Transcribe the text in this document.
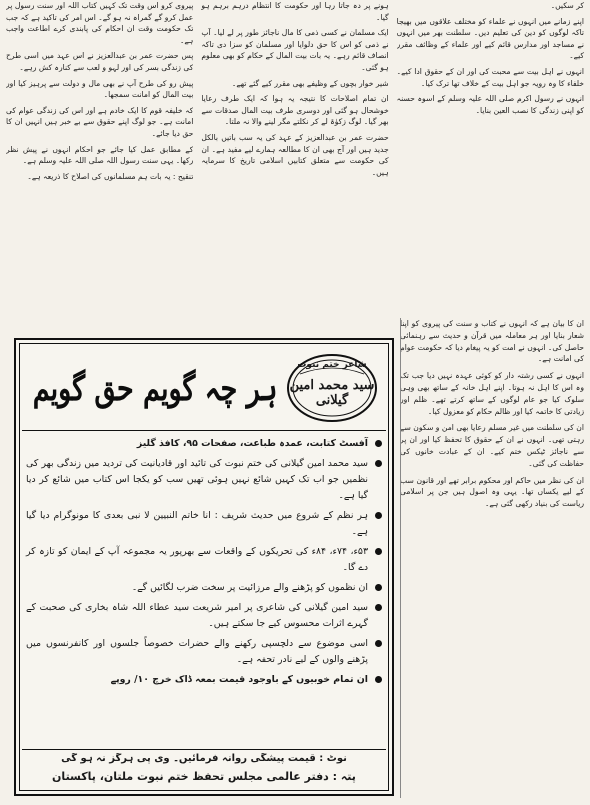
کر سکیں۔

اپنے زمانے میں انہوں نے علماء کو مختلف علاقوں میں بھیجا تاکہ لوگوں کو دین کی تعلیم دیں۔ سلطنت بھر میں انہوں نے مساجد اور مدارس قائم کیے اور علماء کے وظائف مقرر کیے۔

انہوں نے اہل بیت سے محبت کی اور ان کے حقوق ادا کیے۔ خلفاء کا وہ رویہ جو اہل بیت کے خلاف تھا ترک کیا۔

انہوں نے رسول اکرم صلی اللہ علیہ وسلم کے اسوہ حسنہ کو اپنی زندگی کا نصب العین بنایا۔

ہونے پر دہ جاتا رہا اور حکومت کا انتظام درہم برہم ہو گیا۔

ایک مسلمان نے کسی ذمی کا مال ناجائز طور پر لے لیا۔ آپ نے ذمی کو اس کا حق دلوایا اور مسلمان کو سزا دی تاکہ انصاف قائم رہے۔ یہ بات بیت المال کے حکام کو بھی معلوم ہو گئی۔

شیر خوار بچوں کے وظیفے بھی مقرر کیے گئے تھے۔

ان تمام اصلاحات کا نتیجہ یہ ہوا کہ ایک طرف رعایا خوشحال ہو گئی اور دوسری طرف بیت المال صدقات سے بھر گیا۔ لوگ زکوٰۃ لے کر نکلتے مگر لینے والا نہ ملتا۔

حضرت عمر بن عبدالعزیز کے عہد کی یہ سب باتیں بالکل جدید ہیں اور آج بھی ان کا مطالعہ ہمارے لیے مفید ہے۔ ان کی حکومت سے متعلق کتابیں اسلامی تاریخ کا سرمایہ ہیں۔

پیروی کرو اس وقت تک کہیں کتاب اللہ اور سنت رسول پر عمل کرو گے گمراہ نہ ہو گے۔ اس امر کی تاکید ہے کہ جب تک حکومت وقت ان احکام کی پابندی کرے اطاعت واجب ہے۔

پس حضرت عمر بن عبدالعزیز نے اس عہد میں اسی طرح کی زندگی بسر کی اور لہو و لعب سے کنارہ کش رہے۔

پیش رو کی طرح آپ نے بھی مال و دولت سے پرہیز کیا اور بیت المال کو امانت سمجھا۔

کہ خلیفہ قوم کا ایک خادم ہے اور اس کی زندگی عوام کی امانت ہے۔ جو لوگ اپنے حقوق سے بے خبر ہیں انہیں ان کا حق دیا جائے۔

کے مطابق عمل کیا جائے جو احکام انہوں نے پیش نظر رکھا۔ یہی سنت رسول اللہ صلی اللہ علیہ وسلم ہے۔

تنقیح : یہ بات ہم مسلمانوں کی اصلاح کا ذریعہ ہے۔

ان کا بیان ہے کہ انہوں نے کتاب و سنت کی پیروی کو اپنا شعار بنایا اور ہر معاملہ میں قرآن و حدیث سے رہنمائی حاصل کی۔ انہوں نے امت کو یہ پیغام دیا کہ حکومت عوام کی امانت ہے۔

انہوں نے کسی رشتہ دار کو کوئی عہدہ نہیں دیا جب تک وہ اس کا اہل نہ ہوتا۔ اپنے اہل خانہ کے ساتھ بھی وہی سلوک کیا جو عام لوگوں کے ساتھ کرتے تھے۔ ظلم اور زیادتی کا خاتمہ کیا اور ظالم حکام کو معزول کیا۔

ان کی سلطنت میں غیر مسلم رعایا بھی امن و سکون سے رہتی تھی۔ انہوں نے ان کے حقوق کا تحفظ کیا اور ان پر سے ناجائز ٹیکس ختم کیے۔ ان کے عبادت خانوں کی حفاظت کی گئی۔

ان کی نظر میں حاکم اور محکوم برابر تھے اور قانون سب کے لیے یکساں تھا۔ یہی وہ اصول ہیں جن پر اسلامی ریاست کی بنیاد رکھی گئی ہے۔

شاعر ختم نبوت
سید محمد امین گیلانی
ہر چہ گویم حق گویم
آفسٹ کتابت، عمدہ طباعت، صفحات ۹۵، کافذ گلیز
سید محمد امین گیلانی کی ختم نبوت کی تائید اور قادیانیت کی تردید میں زندگی بھر کی نظمیں جو اب تک کہیں شائع نہیں ہوئی تھیں سب کو یکجا اس کتاب میں شائع کر دیا گیا ہے۔
ہر نظم کے شروع میں حدیث شریف : انا خاتم النبیین لا نبی بعدی کا مونوگرام دیا گیا ہے۔
۵۳ء، ۷۴ء، ۸۴ء کی تحریکوں کے واقعات سے بھرپور یہ مجموعہ آپ کے ایمان کو تازہ کر دے گا۔
ان نظموں کو پڑھنے والے مرزائیت پر سخت ضرب لگائیں گے۔
سید امین گیلانی کی شاعری پر امیر شریعت سید عطاء اللہ شاہ بخاری کی صحبت کے گہرے اثرات محسوس کیے جا سکتے ہیں۔
اسی موضوع سے دلچسپی رکھنے والے حضرات خصوصاً جلسوں اور کانفرنسوں میں پڑھنے والوں کے لیے نادر تحفہ ہے۔
ان تمام خوبیوں کے باوجود قیمت بمعہ ڈاک خرچ ۱۰/ روپے
نوٹ : قیمت پیشگی روانہ فرمائیں۔ وی پی ہرگز نہ ہو گی
پتہ : دفتر عالمی مجلس تحفظ ختم نبوت ملتان، پاکستان
